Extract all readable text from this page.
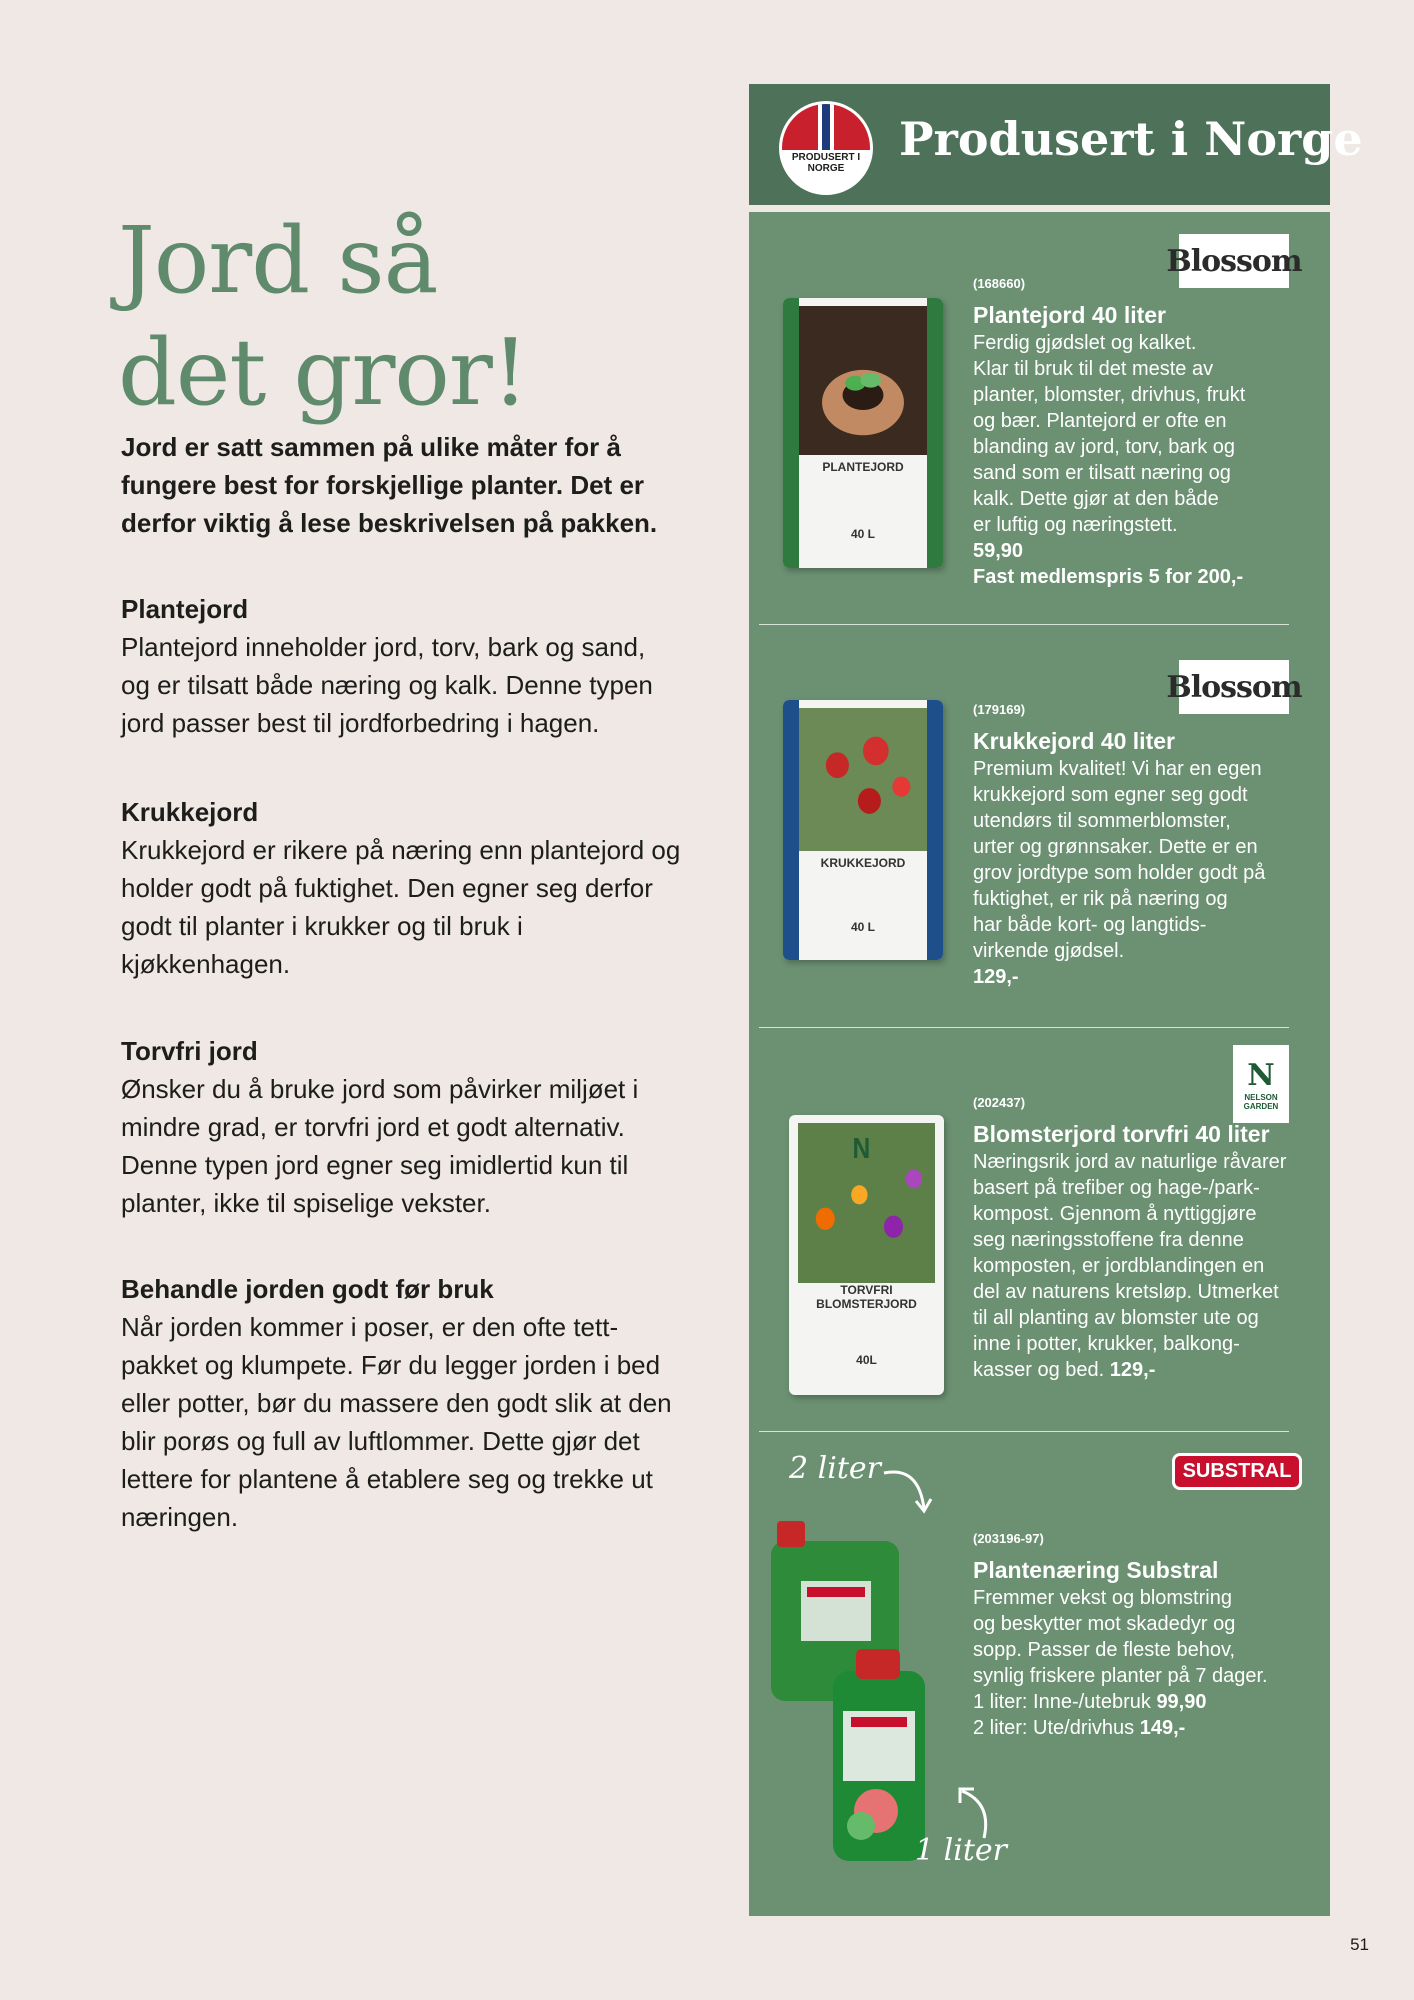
Jord så
det gror!
Jord er satt sammen på ulike måter for å fungere best for forskjellige planter. Det er derfor viktig å lese beskrivelsen på pakken.
Plantejord

Plantejord inneholder jord, torv, bark og sand, og er tilsatt både næring og kalk. Denne typen jord passer best til jordforbedring i hagen.

Krukkejord

Krukkejord er rikere på næring enn plantejord og holder godt på fuktighet. Den egner seg derfor godt til planter i krukker og til bruk i kjøkkenhagen.

Torvfri jord

Ønsker du å bruke jord som påvirker miljøet i mindre grad, er torvfri jord et godt alternativ. Denne typen jord egner seg imidlertid kun til planter, ikke til spiselige vekster.

Behandle jorden godt før bruk

Når jorden kommer i poser, er den ofte tett-pakket og klumpete. Før du legger jorden i bed eller potter, bør du massere den godt slik at den blir porøs og full av luftlommer. Dette gjør det lettere for plantene å etablere seg og trekke ut næringen.

PRODUSERT I NORGE
Produsert i Norge
Blossom
PLANTEJORD
40 L
(168660)
Plantejord 40 liter
Ferdig gjødslet og kalket.
Klar til bruk til det meste av
planter, blomster, drivhus, frukt
og bær. Plantejord er ofte en
blanding av jord, torv, bark og
sand som er tilsatt næring og
kalk. Dette gjør at den både
er luftig og næringstett.
59,90
Fast medlemspris 5 for 200,-
Blossom
KRUKKEJORD
40 L
(179169)
Krukkejord 40 liter
Premium kvalitet! Vi har en egen
krukkejord som egner seg godt
utendørs til sommerblomster,
urter og grønnsaker. Dette er en
grov jordtype som holder godt på
fuktighet, er rik på næring og
har både kort- og langtids-
virkende gjødsel.
129,-
N
NELSON GARDEN
N
TORVFRI BLOMSTERJORD
40L
(202437)
Blomsterjord torvfri 40 liter
Næringsrik jord av naturlige råvarer
basert på trefiber og hage-/park-
kompost. Gjennom å nyttiggjøre
seg næringsstoffene fra denne
komposten, er jordblandingen en
del av naturens kretsløp. Utmerket
til all planting av blomster ute og
inne i potter, krukker, balkong-
kasser og bed. 129,-
SUBSTRAL
2 liter
1 liter
(203196-97)
Plantenæring Substral
Fremmer vekst og blomstring
og beskytter mot skadedyr og
sopp. Passer de fleste behov,
synlig friskere planter på 7 dager.
1 liter: Inne-/utebruk 99,90
2 liter: Ute/drivhus 149,-
51
